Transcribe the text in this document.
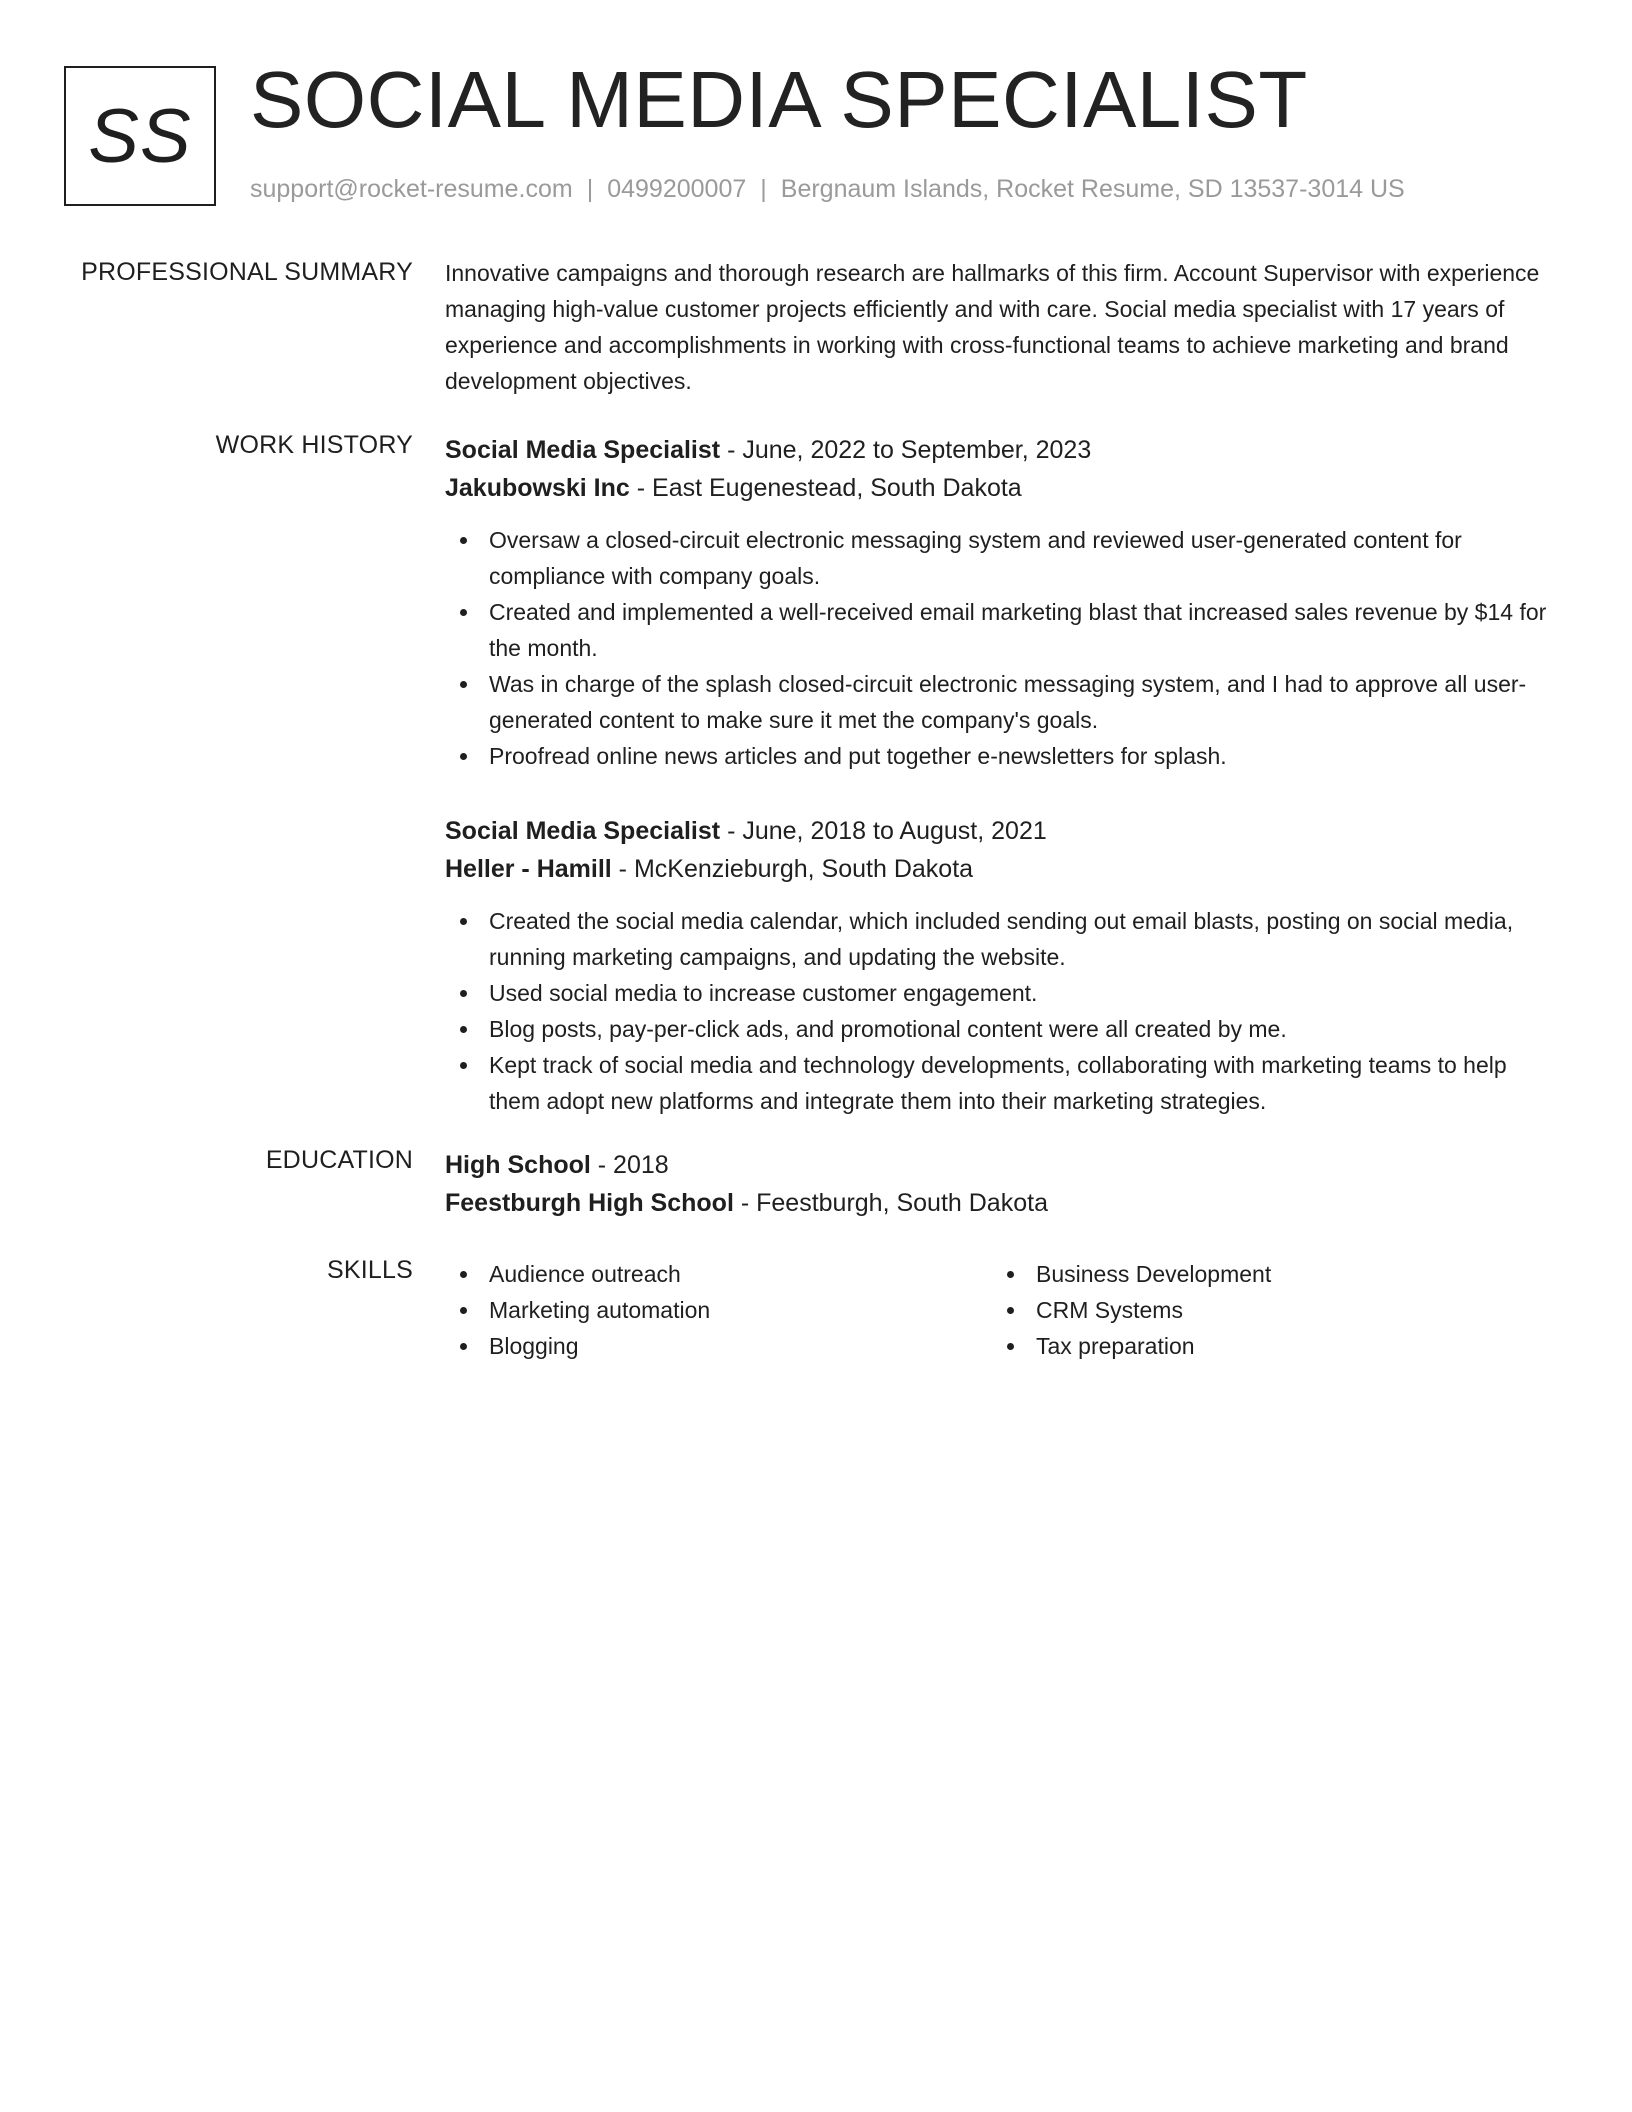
SS SOCIAL MEDIA SPECIALIST
support@rocket-resume.com | 0499200007 | Bergnaum Islands, Rocket Resume, SD 13537-3014 US
PROFESSIONAL SUMMARY Innovative campaigns and thorough research are hallmarks of this firm. Account Supervisor with experience managing high-value customer projects efficiently and with care. Social media specialist with 17 years of experience and accomplishments in working with cross-functional teams to achieve marketing and brand development objectives.

WORK HISTORY Social Media Specialist - June, 2022 to September, 2023
Jakubowski Inc - East Eugenestead, South Dakota
Oversaw a closed-circuit electronic messaging system and reviewed user-generated content for compliance with company goals.
Created and implemented a well-received email marketing blast that increased sales revenue by $14 for the month.
Was in charge of the splash closed-circuit electronic messaging system, and I had to approve all user-generated content to make sure it met the company's goals.
Proofread online news articles and put together e-newsletters for splash.
Social Media Specialist - June, 2018 to August, 2021
Heller - Hamill - McKenzieburgh, South Dakota
Created the social media calendar, which included sending out email blasts, posting on social media, running marketing campaigns, and updating the website.
Used social media to increase customer engagement.
Blog posts, pay-per-click ads, and promotional content were all created by me.
Kept track of social media and technology developments, collaborating with marketing teams to help them adopt new platforms and integrate them into their marketing strategies.
EDUCATION High School - 2018
Feestburgh High School - Feestburgh, South Dakota
SKILLS	Audience outreach
Marketing automation
Blogging
Business Development
CRM Systems
Tax preparation
